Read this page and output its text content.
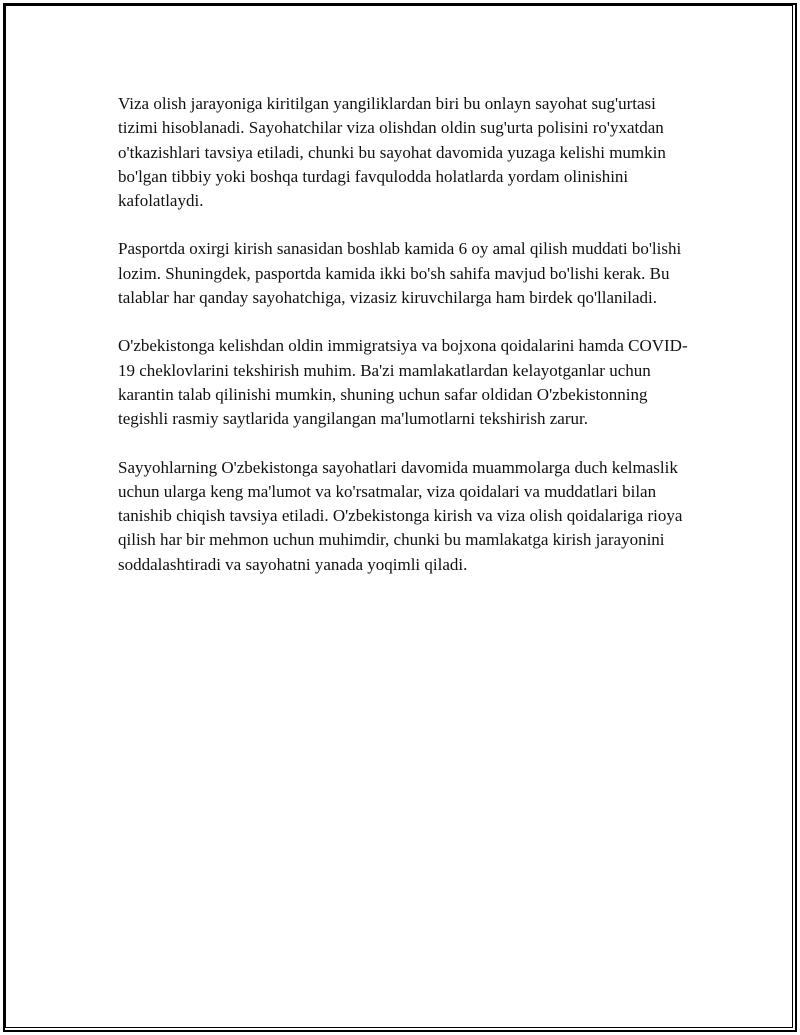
Viza olish jarayoniga kiritilgan yangiliklardan biri bu onlayn sayohat sug'urtasi tizimi hisoblanadi. Sayohatchilar viza olishdan oldin sug'urta polisini ro'yxatdan o'tkazishlari tavsiya etiladi, chunki bu sayohat davomida yuzaga kelishi mumkin bo'lgan tibbiy yoki boshqa turdagi favqulodda holatlarda yordam olinishini kafolatlaydi.

Pasportda oxirgi kirish sanasidan boshlab kamida 6 oy amal qilish muddati bo'lishi lozim. Shuningdek, pasportda kamida ikki bo'sh sahifa mavjud bo'lishi kerak. Bu talablar har qanday sayohatchiga, vizasiz kiruvchilarga ham birdek qo'llaniladi.

O'zbekistonga kelishdan oldin immigratsiya va bojxona qoidalarini hamda COVID-19 cheklovlarini tekshirish muhim. Ba'zi mamlakatlardan kelayotganlar uchun karantin talab qilinishi mumkin, shuning uchun safar oldidan O'zbekistonning tegishli rasmiy saytlarida yangilangan ma'lumotlarni tekshirish zarur.

Sayyohlarning O'zbekistonga sayohatlari davomida muammolarga duch kelmaslik uchun ularga keng ma'lumot va ko'rsatmalar, viza qoidalari va muddatlari bilan tanishib chiqish tavsiya etiladi. O'zbekistonga kirish va viza olish qoidalariga rioya qilish har bir mehmon uchun muhimdir, chunki bu mamlakatga kirish jarayonini soddalashtiradi va sayohatni yanada yoqimli qiladi.
